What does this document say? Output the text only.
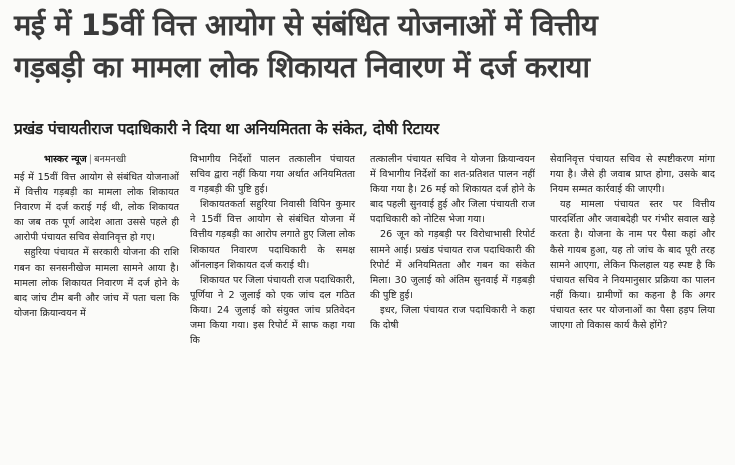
मई में 15वीं वित्त आयोग से संबंधित योजनाओं में वित्तीय
गड़बड़ी का मामला लोक शिकायत निवारण में दर्ज कराया
प्रखंड पंचायतीराज पदाधिकारी ने दिया था अनियमितता के संकेत, दोषी रिटायर
भास्कर न्यूज | बनमनखी

मई में 15वीं वित्त आयोग से संबंधित योजनाओं में वित्तीय गड़बड़ी का मामला लोक शिकायत निवारण में दर्ज कराई गई थी, लोक शिकायत का जब तक पूर्ण आदेश आता उससे पहले ही आरोपी पंचायत सचिव सेवानिवृत्त हो गए।

सहुरिया पंचायत में सरकारी योजना की राशि गबन का सनसनीखेज मामला सामने आया है। मामला लोक शिकायत निवारण में दर्ज होने के बाद जांच टीम बनी और जांच में पता चला कि योजना क्रियान्वयन में

विभागीय निर्देशों पालन तत्कालीन पंचायत सचिव द्वारा नहीं किया गया अर्थात अनियमितता व गड़बड़ी की पुष्टि हुई।

शिकायतकर्ता सहुरिया निवासी विपिन कुमार ने 15वीं वित्त आयोग से संबंधित योजना में वित्तीय गड़बड़ी का आरोप लगाते हुए जिला लोक शिकायत निवारण पदाधिकारी के समक्ष ऑनलाइन शिकायत दर्ज कराई थी।

शिकायत पर जिला पंचायती राज पदाधिकारी, पूर्णिया ने 2 जुलाई को एक जांच दल गठित किया। 24 जुलाई को संयुक्त जांच प्रतिवेदन जमा किया गया। इस रिपोर्ट में साफ कहा गया कि

तत्कालीन पंचायत सचिव ने योजना क्रियान्वयन में विभागीय निर्देशों का शत-प्रतिशत पालन नहीं किया गया है। 26 मई को शिकायत दर्ज होने के बाद पहली सुनवाई हुई और जिला पंचायती राज पदाधिकारी को नोटिस भेजा गया।

26 जून को गड़बड़ी पर विरोधाभासी रिपोर्ट सामने आई। प्रखंड पंचायत राज पदाधिकारी की रिपोर्ट में अनियमितता और गबन का संकेत मिला। 30 जुलाई को अंतिम सुनवाई में गड़बड़ी की पुष्टि हुई।

इधर, जिला पंचायत राज पदाधिकारी ने कहा कि दोषी

सेवानिवृत्त पंचायत सचिव से स्पष्टीकरण मांगा गया है। जैसे ही जवाब प्राप्त होगा, उसके बाद नियम सम्मत कार्रवाई की जाएगी।

यह मामला पंचायत स्तर पर वित्तीय पारदर्शिता और जवाबदेही पर गंभीर सवाल खड़े करता है। योजना के नाम पर पैसा कहां और कैसे गायब हुआ, यह तो जांच के बाद पूरी तरह सामने आएगा, लेकिन फिलहाल यह स्पष्ट है कि पंचायत सचिव ने नियमानुसार प्रक्रिया का पालन नहीं किया। ग्रामीणों का कहना है कि अगर पंचायत स्तर पर योजनाओं का पैसा हड़प लिया जाएगा तो विकास कार्य कैसे होंगे?
